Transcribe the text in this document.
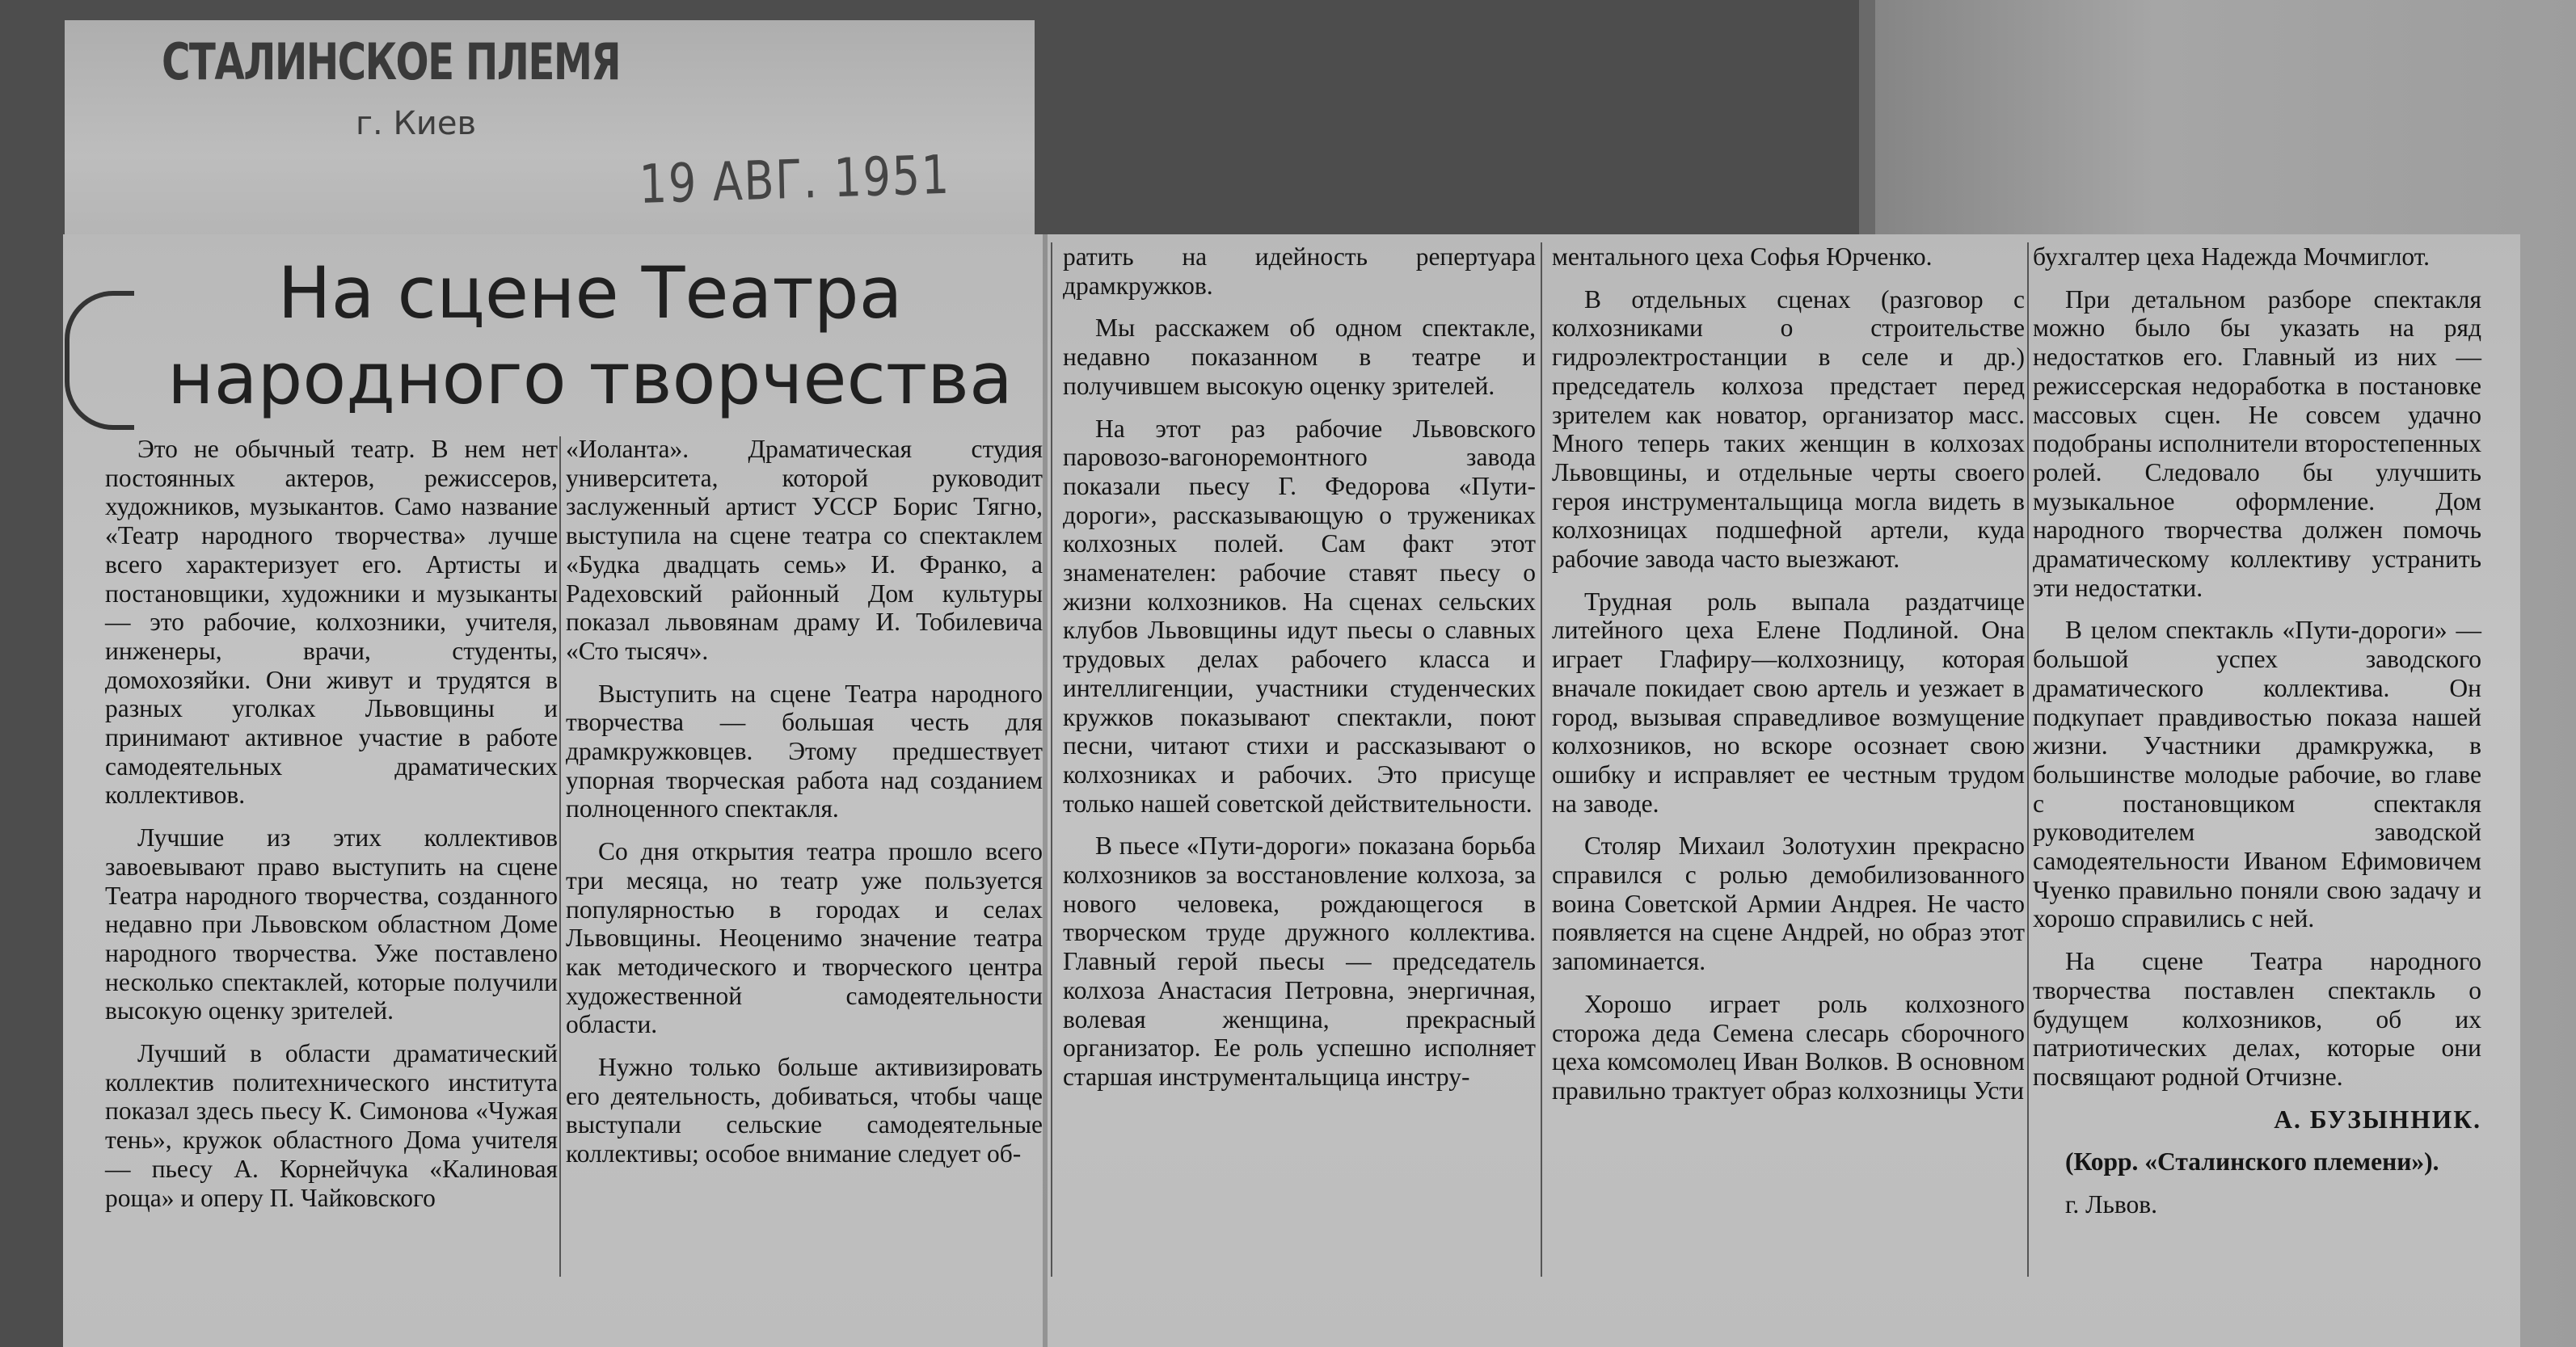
СТАЛИНСКОЕ ПЛЕМЯ
г. Киев
19 АВГ. 1951
На сцене Театра
народного творчества

Это не обычный театр. В нем нет постоянных актеров, режиссеров, художников, музыкантов. Само название «Театр народного творчества» лучше всего характеризует его. Артисты и постановщики, художники и музыканты — это рабочие, колхозники, учителя, инженеры, врачи, студенты, домохозяйки. Они живут и трудятся в разных уголках Львовщины и принимают активное участие в работе самодеятельных драматических коллективов.

Лучшие из этих коллективов завоевывают право выступить на сцене Театра народного творчества, созданного недавно при Львовском областном Доме народного творчества. Уже поставлено несколько спектаклей, которые получили высокую оценку зрителей.

Лучший в области драматический коллектив политехнического института показал здесь пьесу К. Симонова «Чужая тень», кружок областного Дома учителя — пьесу А. Корнейчука «Калиновая роща» и оперу П. Чайковского

«Иоланта». Драматическая студия университета, которой руководит заслуженный артист УССР Борис Тягно, выступила на сцене театра со спектаклем «Будка двадцать семь» И. Франко, а Радеховский районный Дом культуры показал львовянам драму И. Тобилевича «Сто тысяч».

Выступить на сцене Театра народного творчества — большая честь для драмкружковцев. Этому предшествует упорная творческая работа над созданием полноценного спектакля.

Со дня открытия театра прошло всего три месяца, но театр уже пользуется популярностью в городах и селах Львовщины. Неоценимо значение театра как методического и творческого центра художественной самодеятельности области.

Нужно только больше активизировать его деятельность, добиваться, чтобы чаще выступали сельские самодеятельные коллективы; особое внимание следует об-

ратить на идейность репертуара драмкружков.

Мы расскажем об одном спектакле, недавно показанном в театре и получившем высокую оценку зрителей.

На этот раз рабочие Львовского паровозо-вагоноремонтного завода показали пьесу Г. Федорова «Пути-дороги», рассказывающую о тружениках колхозных полей. Сам факт этот знаменателен: рабочие ставят пьесу о жизни колхозников. На сценах сельских клубов Львовщины идут пьесы о славных трудовых делах рабочего класса и интеллигенции, участники студенческих кружков показывают спектакли, поют песни, читают стихи и рассказывают о колхозниках и рабочих. Это присуще только нашей советской действительности.

В пьесе «Пути-дороги» показана борьба колхозников за восстановление колхоза, за нового человека, рождающегося в творческом труде дружного коллектива. Главный герой пьесы — председатель колхоза Анастасия Петровна, энергичная, волевая женщина, прекрасный организатор. Ее роль успешно исполняет старшая инструментальщица инстру-

ментального цеха Софья Юрченко.

В отдельных сценах (разговор с колхозниками о строительстве гидроэлектростанции в селе и др.) председатель колхоза предстает перед зрителем как новатор, организатор масс. Много теперь таких женщин в колхозах Львовщины, и отдельные черты своего героя инструментальщица могла видеть в колхозницах подшефной артели, куда рабочие завода часто выезжают.

Трудная роль выпала раздатчице литейного цеха Елене Подлиной. Она играет Глафиру—колхозницу, которая вначале покидает свою артель и уезжает в город, вызывая справедливое возмущение колхозников, но вскоре осознает свою ошибку и исправляет ее честным трудом на заводе.

Столяр Михаил Золотухин прекрасно справился с ролью демобилизованного воина Советской Армии Андрея. Не часто появляется на сцене Андрей, но образ этот запоминается.

Хорошо играет роль колхозного сторожа деда Семена слесарь сборочного цеха комсомолец Иван Волков. В основном правильно трактует образ колхозницы Усти

бухгалтер цеха Надежда Мочмиглот.

При детальном разборе спектакля можно было бы указать на ряд недостатков его. Главный из них — режиссерская недоработка в постановке массовых сцен. Не совсем удачно подобраны исполнители второстепенных ролей. Следовало бы улучшить музыкальное оформление. Дом народного творчества должен помочь драматическому коллективу устранить эти недостатки.

В целом спектакль «Пути-дороги» — большой успех заводского драматического коллектива. Он подкупает правдивостью показа нашей жизни. Участники драмкружка, в большинстве молодые рабочие, во главе с постановщиком спектакля руководителем заводской самодеятельности Иваном Ефимовичем Чуенко правильно поняли свою задачу и хорошо справились с ней.

На сцене Театра народного творчества поставлен спектакль о будущем колхозников, об их патриотических делах, которые они посвящают родной Отчизне.

А. БУЗЫННИК.

(Корр. «Сталинского племени»).

г. Львов.
